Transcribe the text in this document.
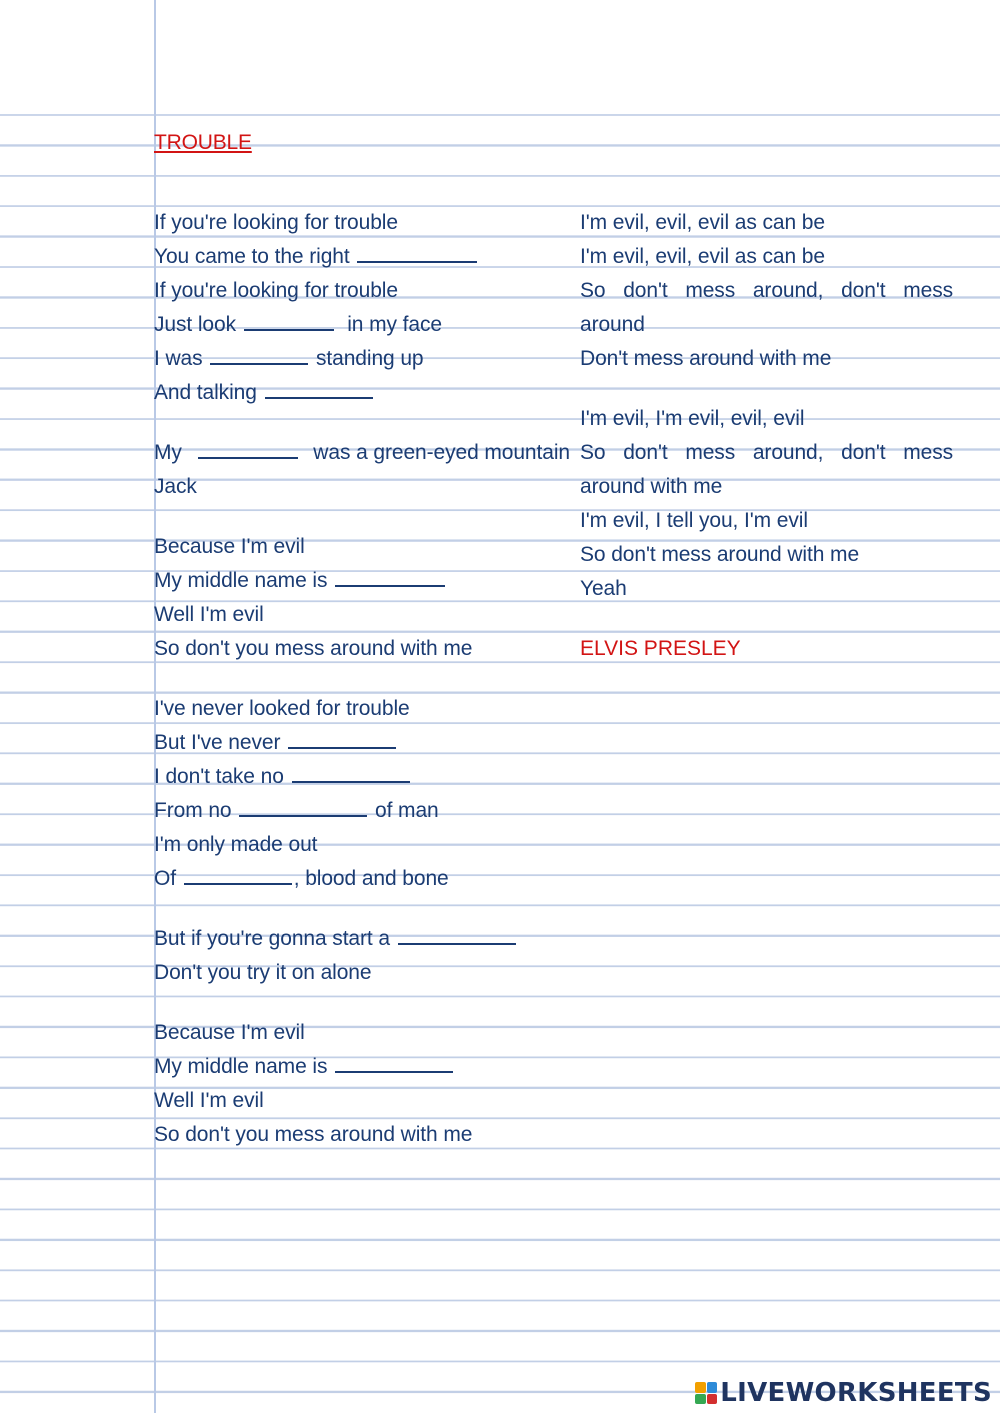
TROUBLE
If you're looking for trouble
You came to the right
If you're looking for trouble
Just look	in my face
I was	standing up
And talking
My	was a green-eyed mountain Jack
Because I'm evil
My middle name is
Well I'm evil
So don't you mess around with me
I've never looked for trouble
But I've never
I don't take no
From no	of man
I'm only made out
Of	, blood and bone
But if you're gonna start a
Don't you try it on alone
Because I'm evil
My middle name is
Well I'm evil
So don't you mess around with me
I'm evil, evil, evil as can be
I'm evil, evil, evil as can be
So don't mess around, don't mess around
Don't mess around with me
I'm evil, I'm evil, evil, evil
So don't mess around, don't mess around with me
I'm evil, I tell you, I'm evil
So don't mess around with me
Yeah
ELVIS PRESLEY
LIVEWORKSHEETS
